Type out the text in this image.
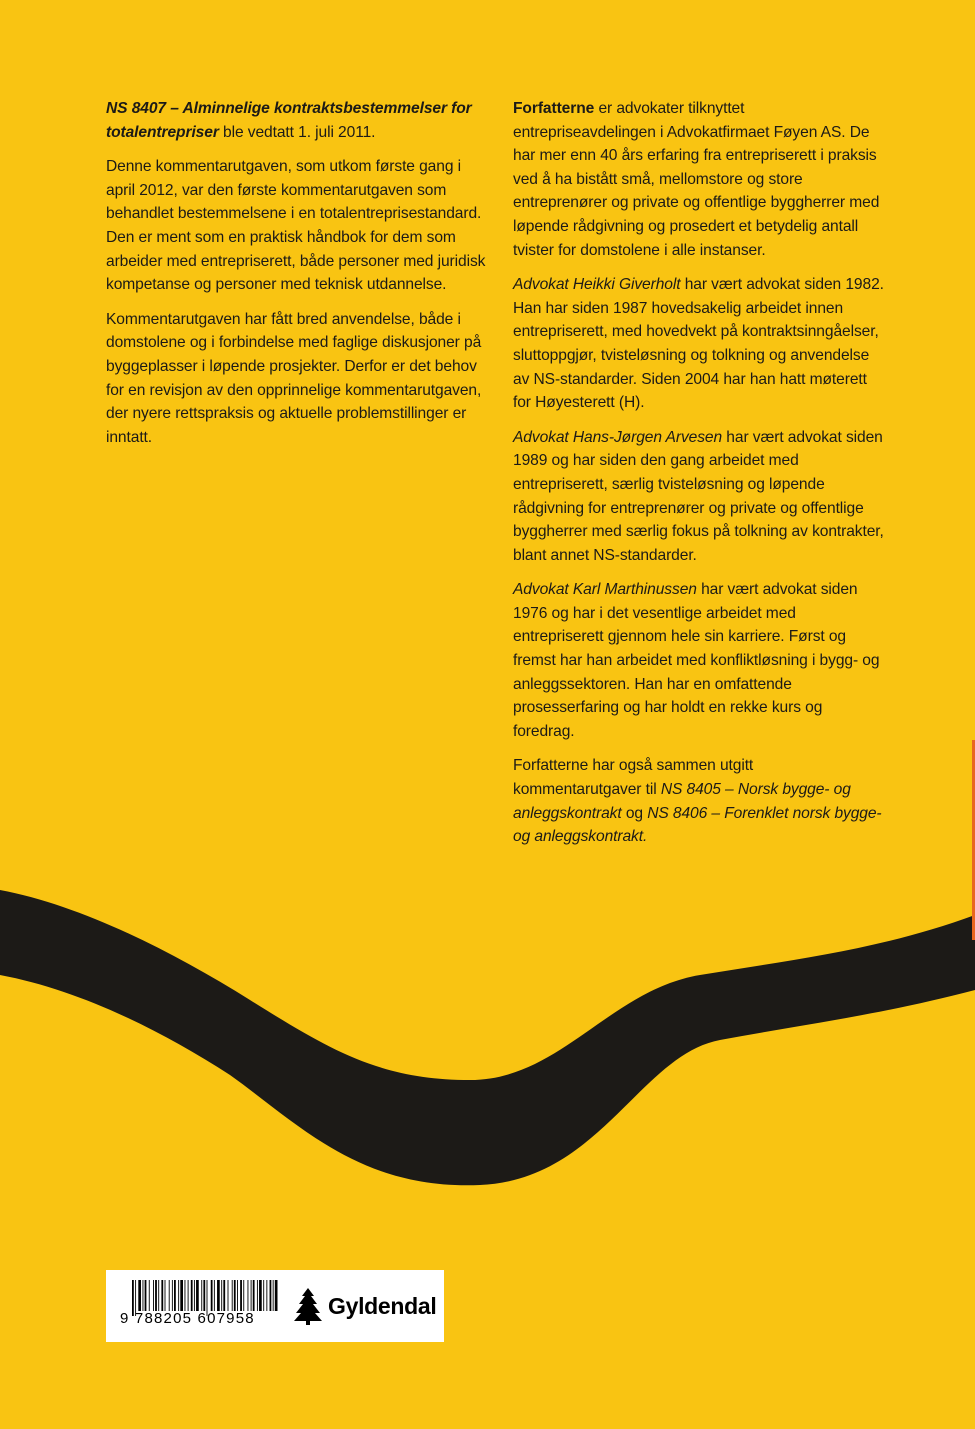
NS 8407 – Alminnelige kontraktsbestemmelser for totalentrepriser ble vedtatt 1. juli 2011.

Denne kommentarutgaven, som utkom første gang i april 2012, var den første kommentarutgaven som behandlet bestemmelsene i en totalentreprisestandard. Den er ment som en praktisk håndbok for dem som arbeider med entrepriserett, både personer med juridisk kompetanse og personer med teknisk utdannelse.

Kommentarutgaven har fått bred anvendelse, både i domstolene og i forbindelse med faglige diskusjoner på byggeplasser i løpende prosjekter. Derfor er det behov for en revisjon av den opprinnelige kommentarutgaven, der nyere rettspraksis og aktuelle problemstillinger er inntatt.

Forfatterne er advokater tilknyttet entrepriseavdelingen i Advokatfirmaet Føyen AS. De har mer enn 40 års erfaring fra entrepriserett i praksis ved å ha bistått små, mellomstore og store entreprenører og private og offentlige byggherrer med løpende rådgivning og prosedert et betydelig antall tvister for domstolene i alle instanser.

Advokat Heikki Giverholt har vært advokat siden 1982. Han har siden 1987 hovedsakelig arbeidet innen entrepriserett, med hovedvekt på kontraktsinngåelser, sluttoppgjør, tvisteløsning og tolkning og anvendelse av NS-standarder. Siden 2004 har han hatt møterett for Høyesterett (H).

Advokat Hans-Jørgen Arvesen har vært advokat siden 1989 og har siden den gang arbeidet med entrepriserett, særlig tvisteløsning og løpende rådgivning for entreprenører og private og offentlige byggherrer med særlig fokus på tolkning av kontrakter, blant annet NS-standarder.

Advokat Karl Marthinussen har vært advokat siden 1976 og har i det vesentlige arbeidet med entrepriserett gjennom hele sin karriere. Først og fremst har han arbeidet med konfliktløsning i bygg- og anleggssektoren. Han har en omfattende prosesserfaring og har holdt en rekke kurs og foredrag.

Forfatterne har også sammen utgitt kommentarutgaver til NS 8405 – Norsk bygge- og anleggskontrakt og NS 8406 – Forenklet norsk bygge- og anleggskontrakt.

9 788205 607958	Gyldendal
